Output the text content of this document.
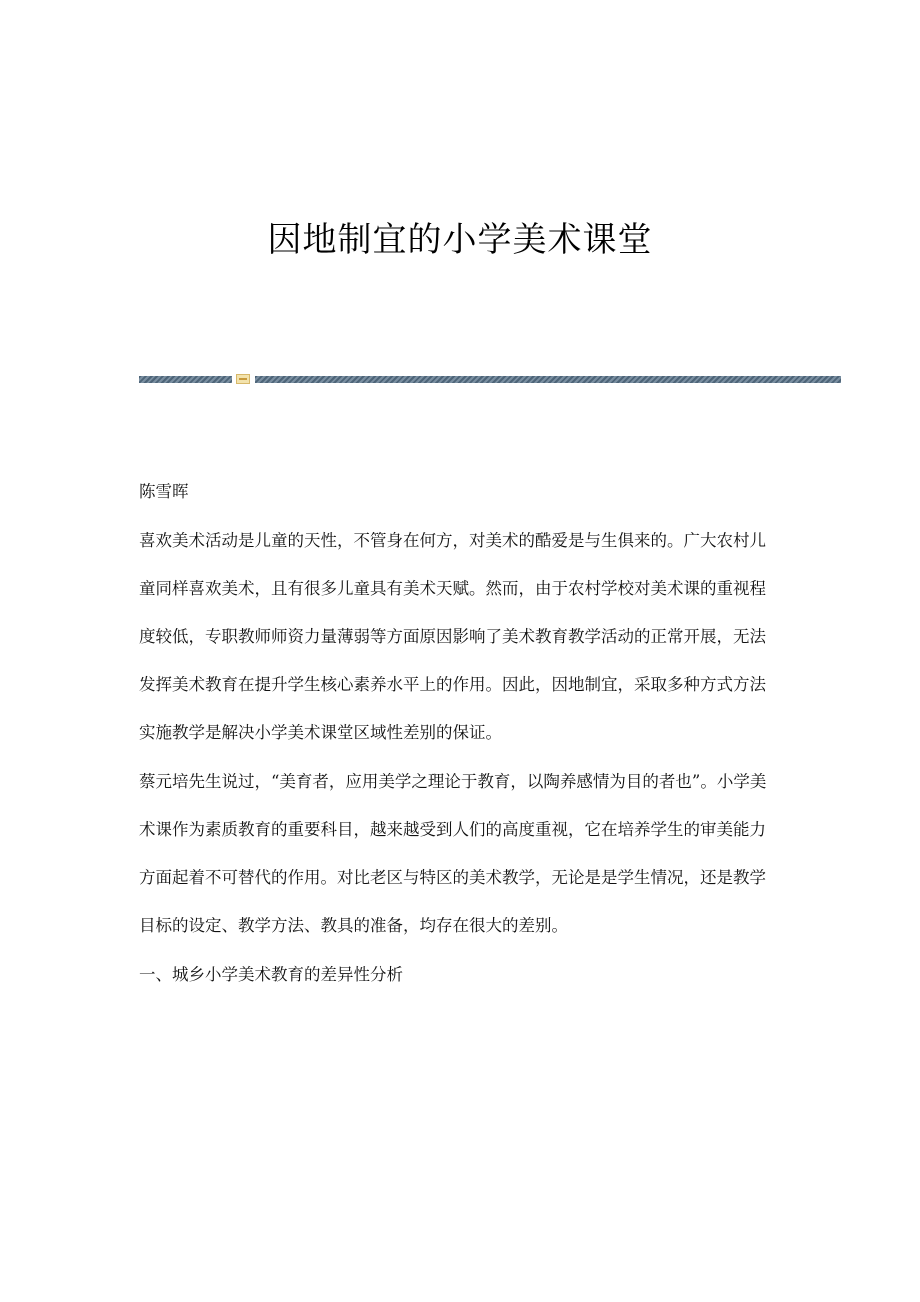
因地制宜的小学美术课堂

陈雪晖

喜欢美术活动是儿童的天性，不管身在何方，对美术的酷爱是与生俱来的。广大农村儿童同样喜欢美术，且有很多儿童具有美术天赋。然而，由于农村学校对美术课的重视程度较低，专职教师师资力量薄弱等方面原因影响了美术教育教学活动的正常开展，无法发挥美术教育在提升学生核心素养水平上的作用。因此，因地制宜，采取多种方式方法实施教学是解决小学美术课堂区域性差别的保证。

蔡元培先生说过，“美育者，应用美学之理论于教育，以陶养感情为目的者也”。小学美术课作为素质教育的重要科目，越来越受到人们的高度重视，它在培养学生的审美能力方面起着不可替代的作用。对比老区与特区的美术教学，无论是是学生情况，还是教学目标的设定、教学方法、教具的准备，均存在很大的差别。

一、城乡小学美术教育的差异性分析
